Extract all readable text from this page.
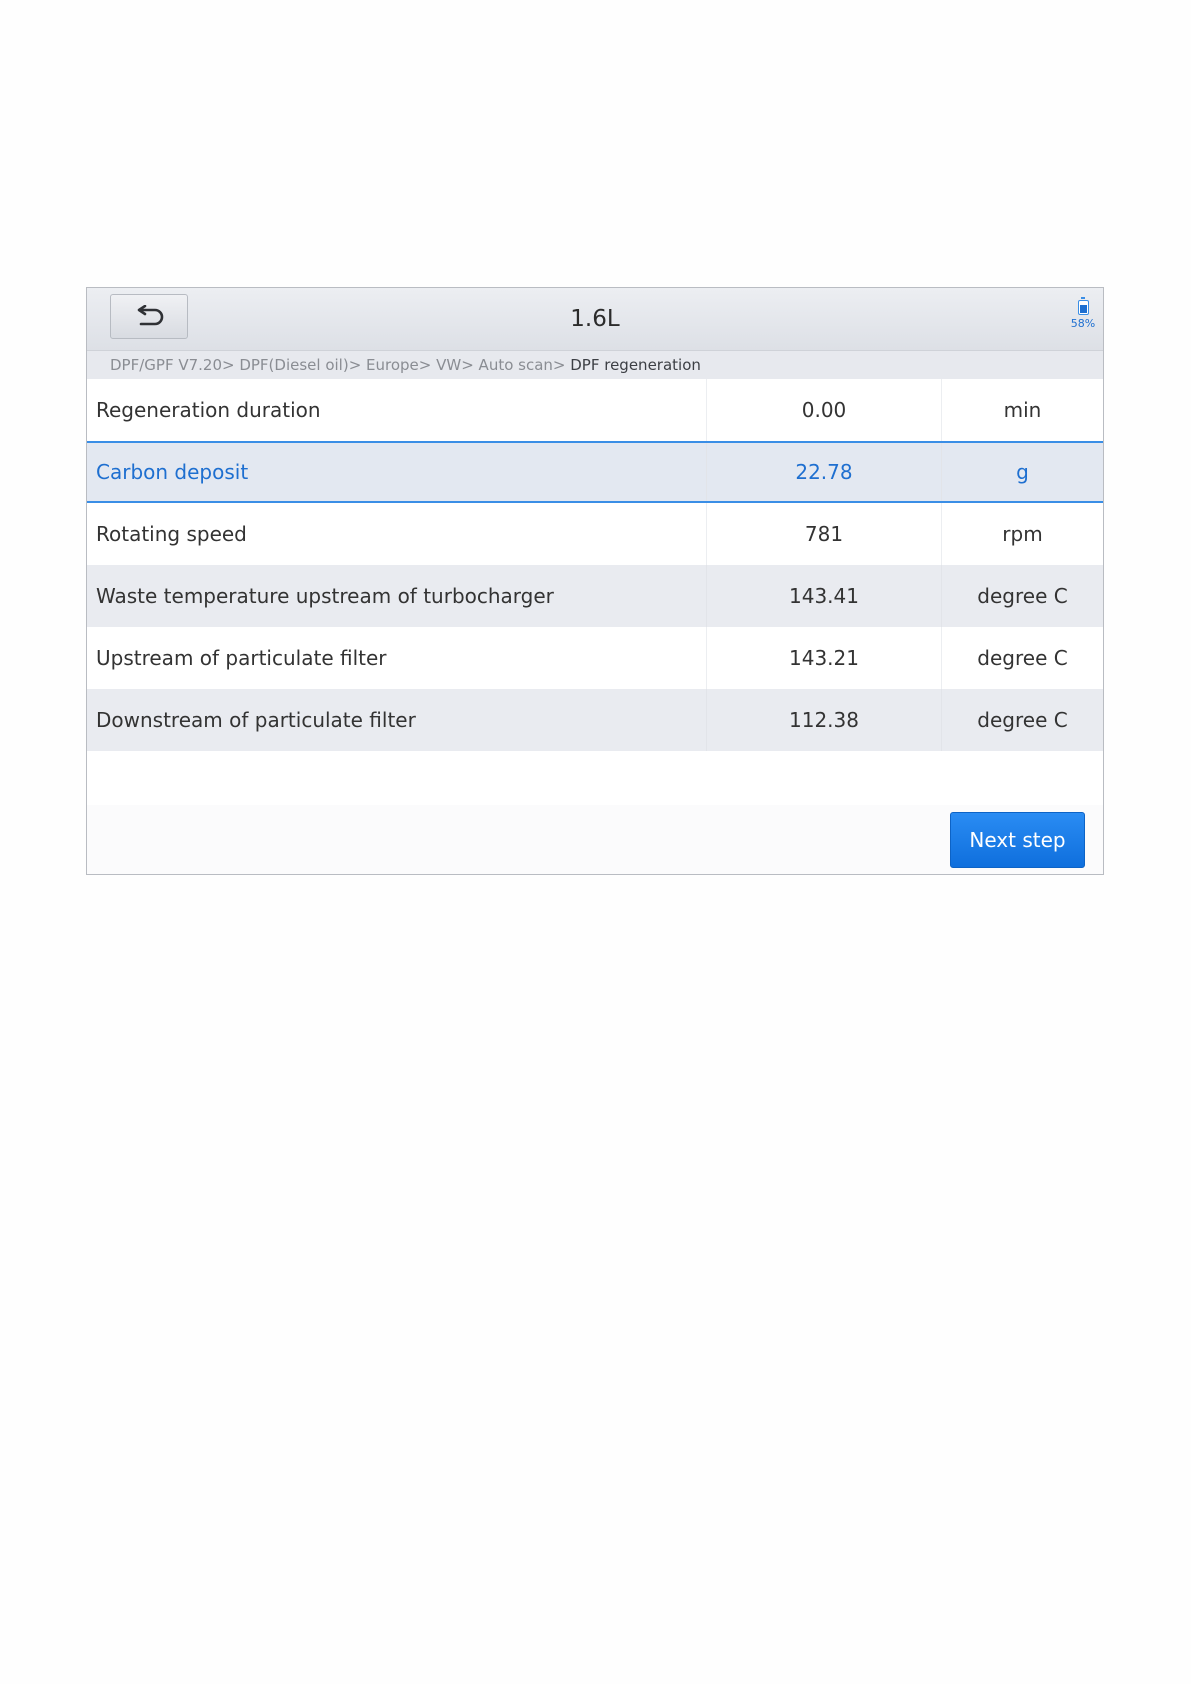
1.6L	58%
DPF/GPF V7.20> DPF(Diesel oil)> Europe> VW> Auto scan> DPF regeneration
Regeneration duration	0.00	min
Carbon deposit	22.78	g
Rotating speed	781	rpm
Waste temperature upstream of turbocharger	143.41	degree C
Upstream of particulate filter	143.21	degree C
Downstream of particulate filter	112.38	degree C
Next step
